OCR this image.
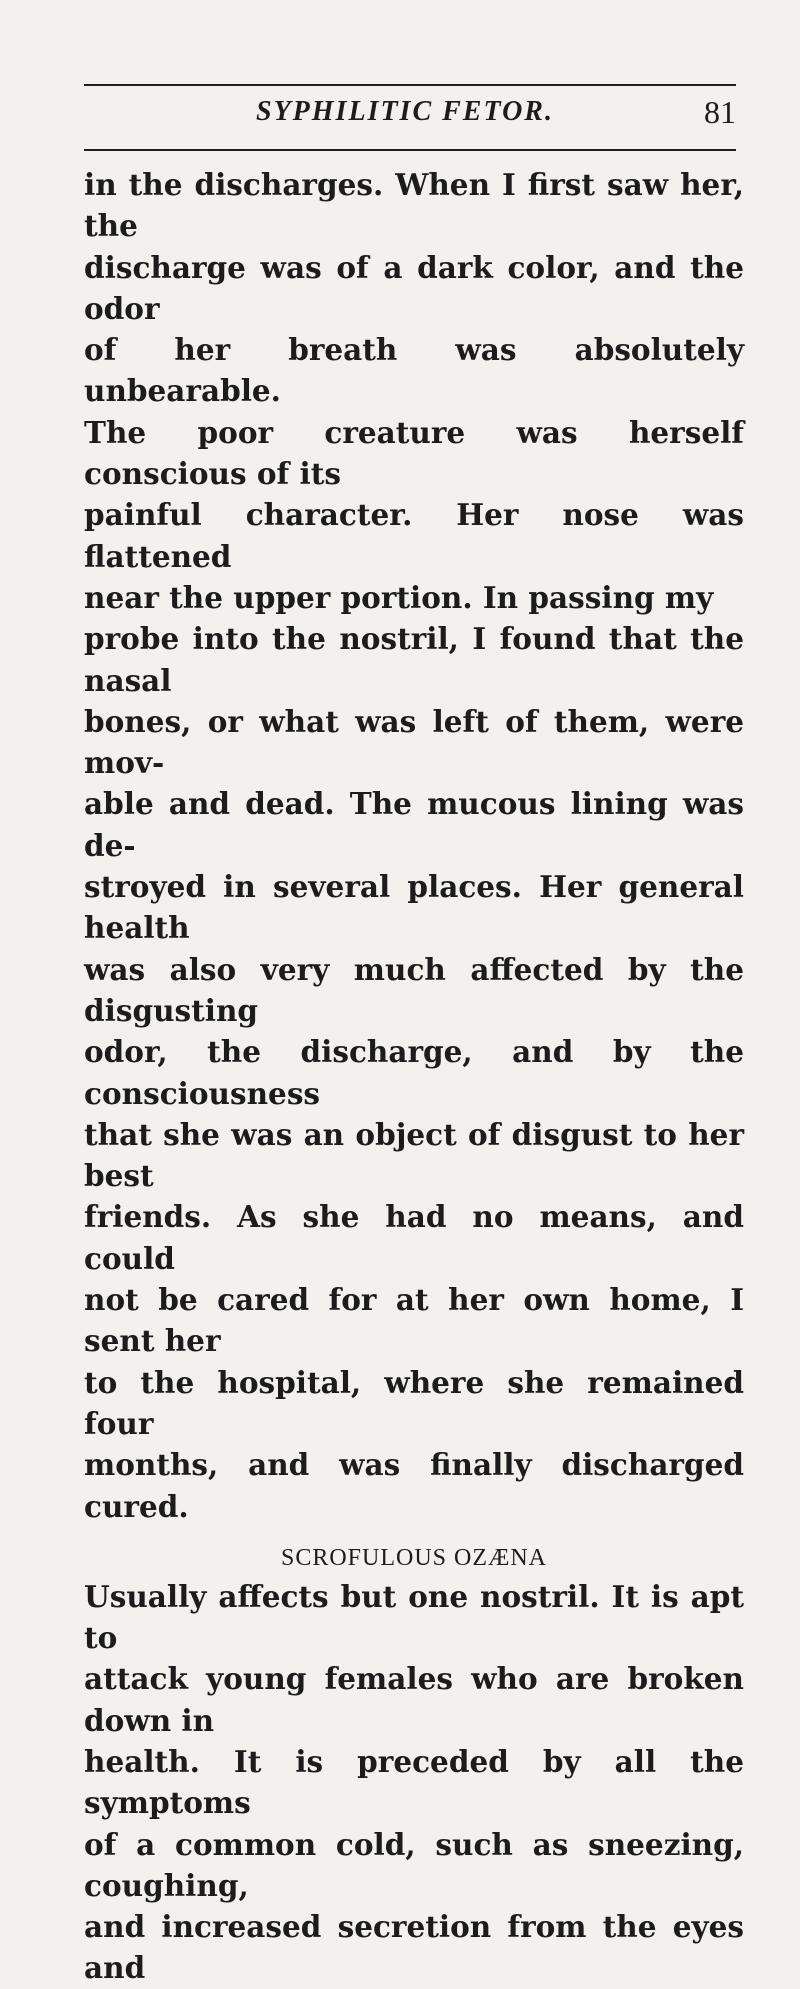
SYPHILITIC FETOR.	81

in the discharges. When I first saw her, the
discharge was of a dark color, and the odor
of her breath was absolutely unbearable.
The poor creature was herself conscious of its
painful character. Her nose was flattened
near the upper portion. In passing my
probe into the nostril, I found that the nasal
bones, or what was left of them, were mov-
able and dead. The mucous lining was de-
stroyed in several places. Her general health
was also very much affected by the disgusting
odor, the discharge, and by the consciousness
that she was an object of disgust to her best
friends. As she had no means, and could
not be cared for at her own home, I sent her
to the hospital, where she remained four
months, and was finally discharged cured.

SCROFULOUS OZÆNA

Usually affects but one nostril. It is apt to
attack young females who are broken down in
health. It is preceded by all the symptoms
of a common cold, such as sneezing, coughing,
and increased secretion from the eyes and
